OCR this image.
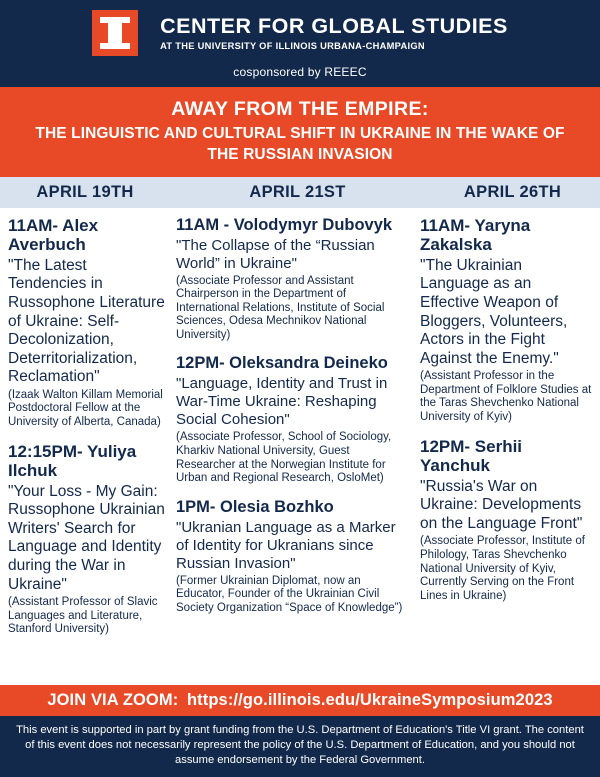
CENTER FOR GLOBAL STUDIES
AT THE UNIVERSITY OF ILLINOIS URBANA-CHAMPAIGN
cosponsored by REEEC
AWAY FROM THE EMPIRE:
THE LINGUISTIC AND CULTURAL SHIFT IN UKRAINE IN THE WAKE OF THE RUSSIAN INVASION
APRIL 19TH	APRIL 21ST	APRIL 26TH
11AM- Alex Averbuch
"The Latest Tendencies in Russophone Literature of Ukraine: Self-Decolonization, Deterritorialization, Reclamation"
(Izaak Walton Killam Memorial Postdoctoral Fellow at the University of Alberta, Canada)
12:15PM- Yuliya Ilchuk
"Your Loss - My Gain: Russophone Ukrainian Writers' Search for Language and Identity during the War in Ukraine"
(Assistant Professor of Slavic Languages and Literature, Stanford University)
11AM - Volodymyr Dubovyk
"The Collapse of the “Russian World” in Ukraine"
(Associate Professor and Assistant Chairperson in the Department of International Relations, Institute of Social Sciences, Odesa Mechnikov National University)
12PM- Oleksandra Deineko
"Language, Identity and Trust in War-Time Ukraine: Reshaping Social Cohesion"
(Associate Professor, School of Sociology, Kharkiv National University, Guest Researcher at the Norwegian Institute for Urban and Regional Research, OsloMet)
1PM- Olesia Bozhko
"Ukranian Language as a Marker of Identity for Ukranians since Russian Invasion"
(Former Ukrainian Diplomat, now an Educator, Founder of the Ukrainian Civil Society Organization “Space of Knowledge”)
11AM- Yaryna Zakalska
"The Ukrainian Language as an Effective Weapon of Bloggers, Volunteers, Actors in the Fight Against the Enemy."
(Assistant Professor in the Department of Folklore Studies at the Taras Shevchenko National University of Kyiv)
12PM- Serhii Yanchuk
"Russia's War on Ukraine: Developments on the Language Front"
(Associate Professor, Institute of Philology, Taras Shevchenko National University of Kyiv, Currently Serving on the Front Lines in Ukraine)
JOIN VIA ZOOM: https://go.illinois.edu/UkraineSymposium2023
This event is supported in part by grant funding from the U.S. Department of Education's Title VI grant. The content of this event does not necessarily represent the policy of the U.S. Department of Education, and you should not assume endorsement by the Federal Government.
